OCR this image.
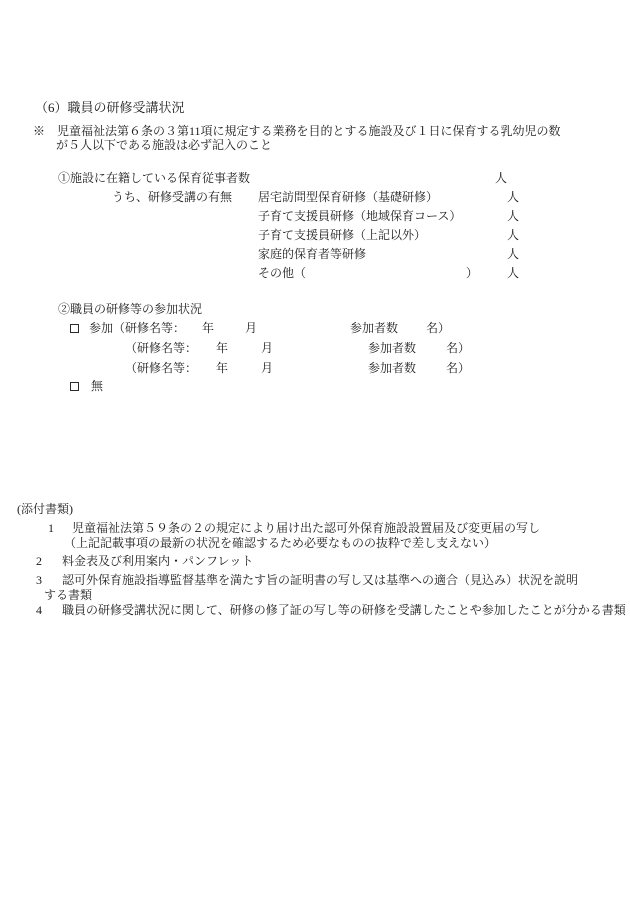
（6）職員の研修受講状況
※　児童福祉法第６条の３第11項に規定する業務を目的とする施設及び１日に保育する乳幼児の数
が５人以下である施設は必ず記入のこと
①施設に在籍している保育従事者数	人
うち、研修受講の有無 居宅訪問型保育研修（基礎研修）	人
子育て支援員研修（地域保育コース）	人
子育て支援員研修（上記以外）	人
家庭的保育者等研修	人
その他（	） 人
②職員の研修等の参加状況
参加（研修名等： 年	月	参加者数 名）
（研修名等： 年	月	参加者数 名）
（研修名等： 年	月	参加者数 名）
無
(添付書類)
1 児童福祉法第５９条の２の規定により届け出た認可外保育施設設置届及び変更届の写し
（上記記載事項の最新の状況を確認するため必要なものの抜粋で差し支えない）
2 料金表及び利用案内・パンフレット
3 認可外保育施設指導監督基準を満たす旨の証明書の写し又は基準への適合（見込み）状況を説明
する書類
4 職員の研修受講状況に関して、研修の修了証の写し等の研修を受講したことや参加したことが分かる書類
